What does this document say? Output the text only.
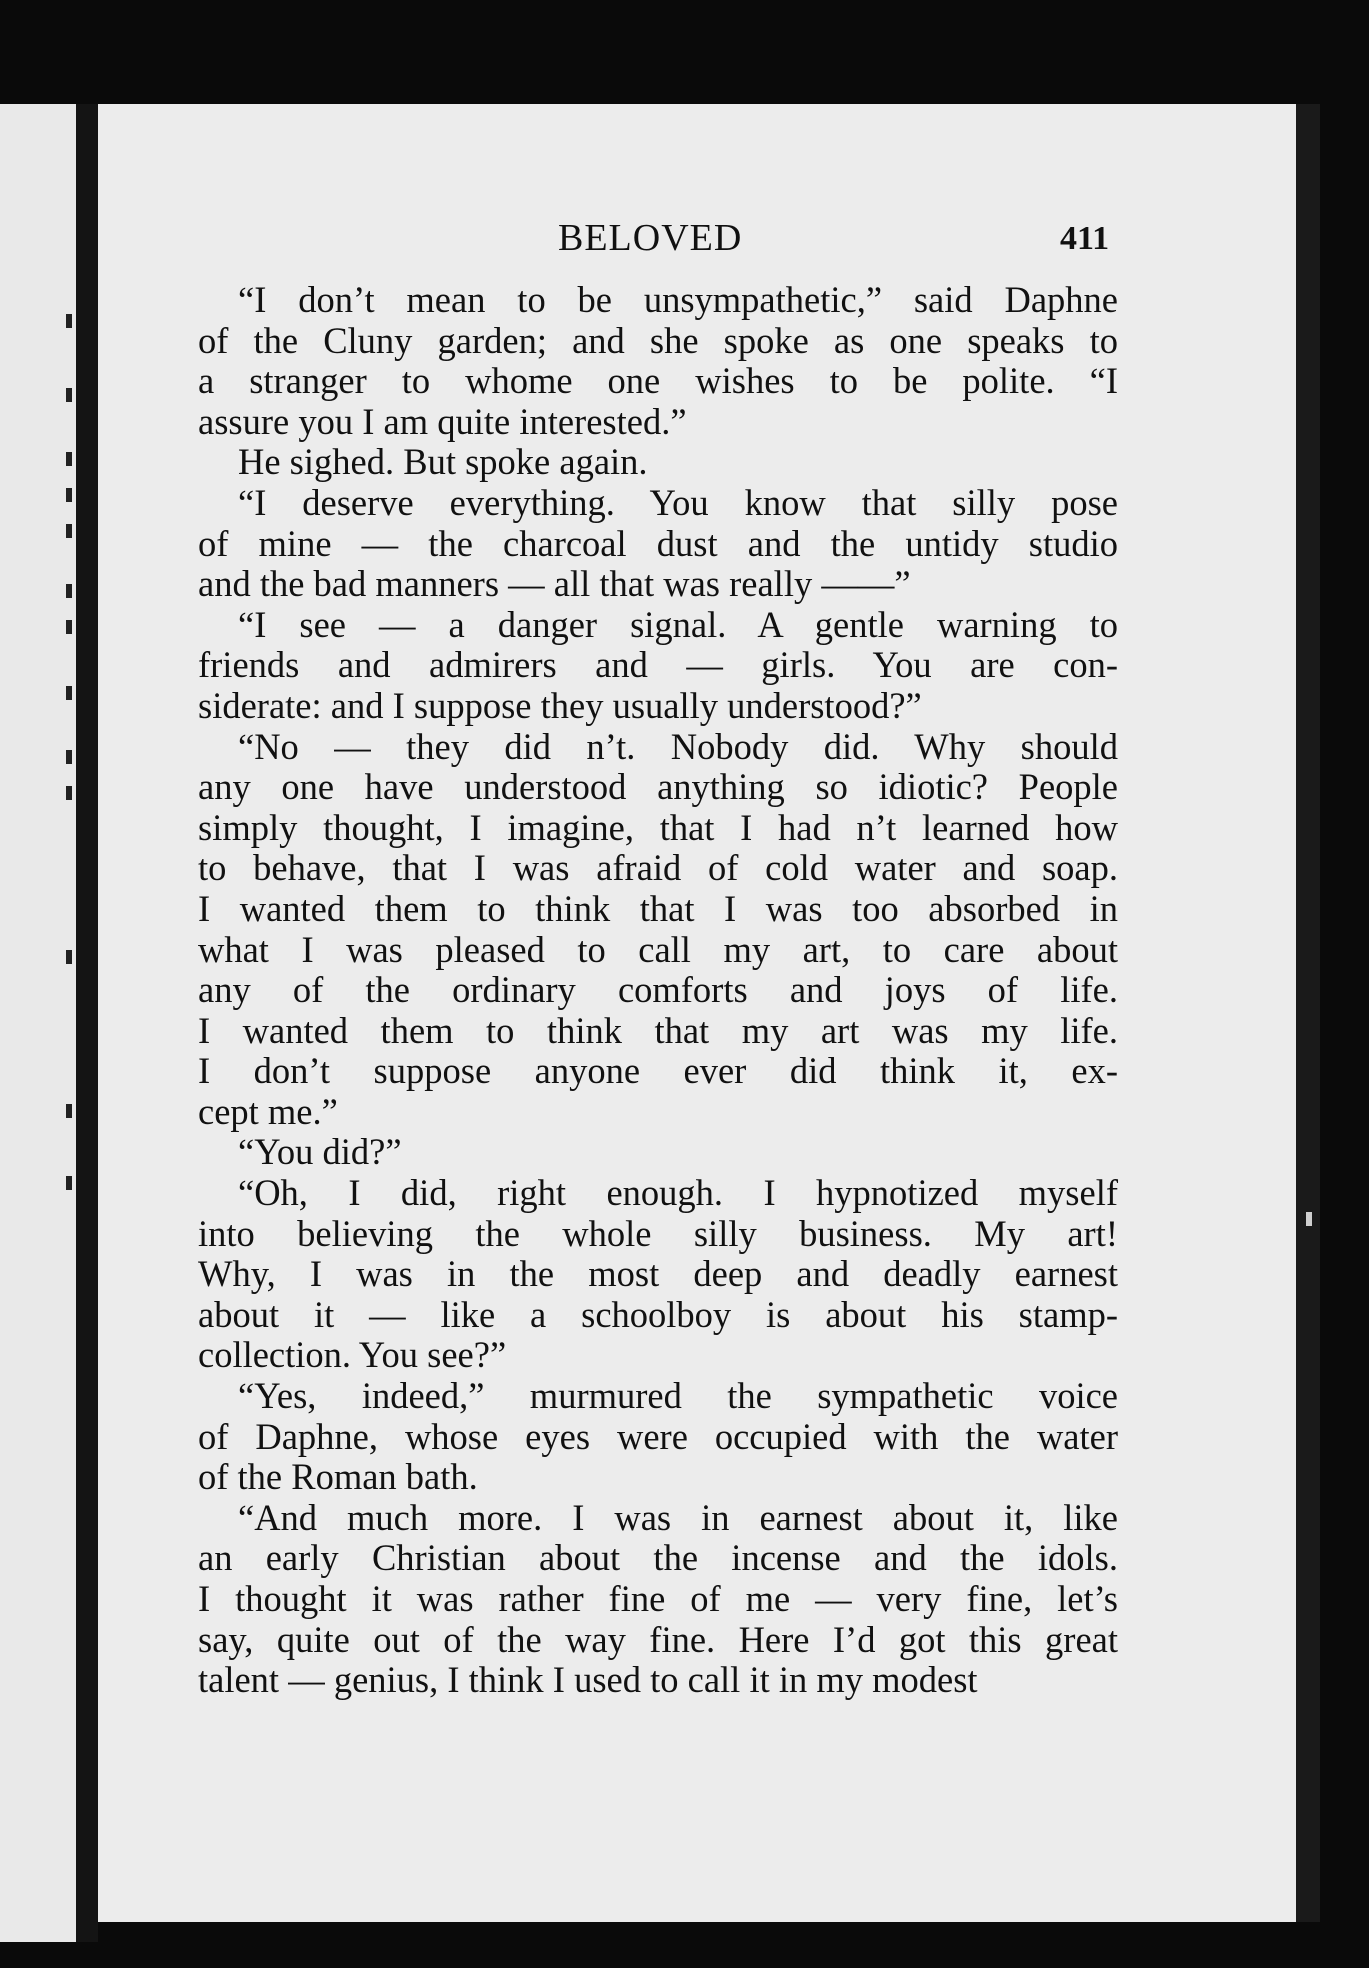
BELOVED	411

“I don’t mean to be unsympathetic,” said Daphne
of the Cluny garden; and she spoke as one speaks to
a stranger to whome one wishes to be polite. “I
assure you I am quite interested.”

He sighed. But spoke again.

“I deserve everything. You know that silly pose
of mine — the charcoal dust and the untidy studio
and the bad manners — all that was really ——”

“I see — a danger signal. A gentle warning to
friends and admirers and — girls. You are con-
siderate: and I suppose they usually understood?”

“No — they did n’t. Nobody did. Why should
any one have understood anything so idiotic? People
simply thought, I imagine, that I had n’t learned how
to behave, that I was afraid of cold water and soap.
I wanted them to think that I was too absorbed in
what I was pleased to call my art, to care about
any of the ordinary comforts and joys of life.
I wanted them to think that my art was my life.
I don’t suppose anyone ever did think it, ex-
cept me.”

“You did?”

“Oh, I did, right enough. I hypnotized myself
into believing the whole silly business. My art!
Why, I was in the most deep and deadly earnest
about it — like a schoolboy is about his stamp-
collection. You see?”

“Yes, indeed,” murmured the sympathetic voice
of Daphne, whose eyes were occupied with the water
of the Roman bath.

“And much more. I was in earnest about it, like
an early Christian about the incense and the idols.
I thought it was rather fine of me — very fine, let’s
say, quite out of the way fine. Here I’d got this great
talent — genius, I think I used to call it in my modest
